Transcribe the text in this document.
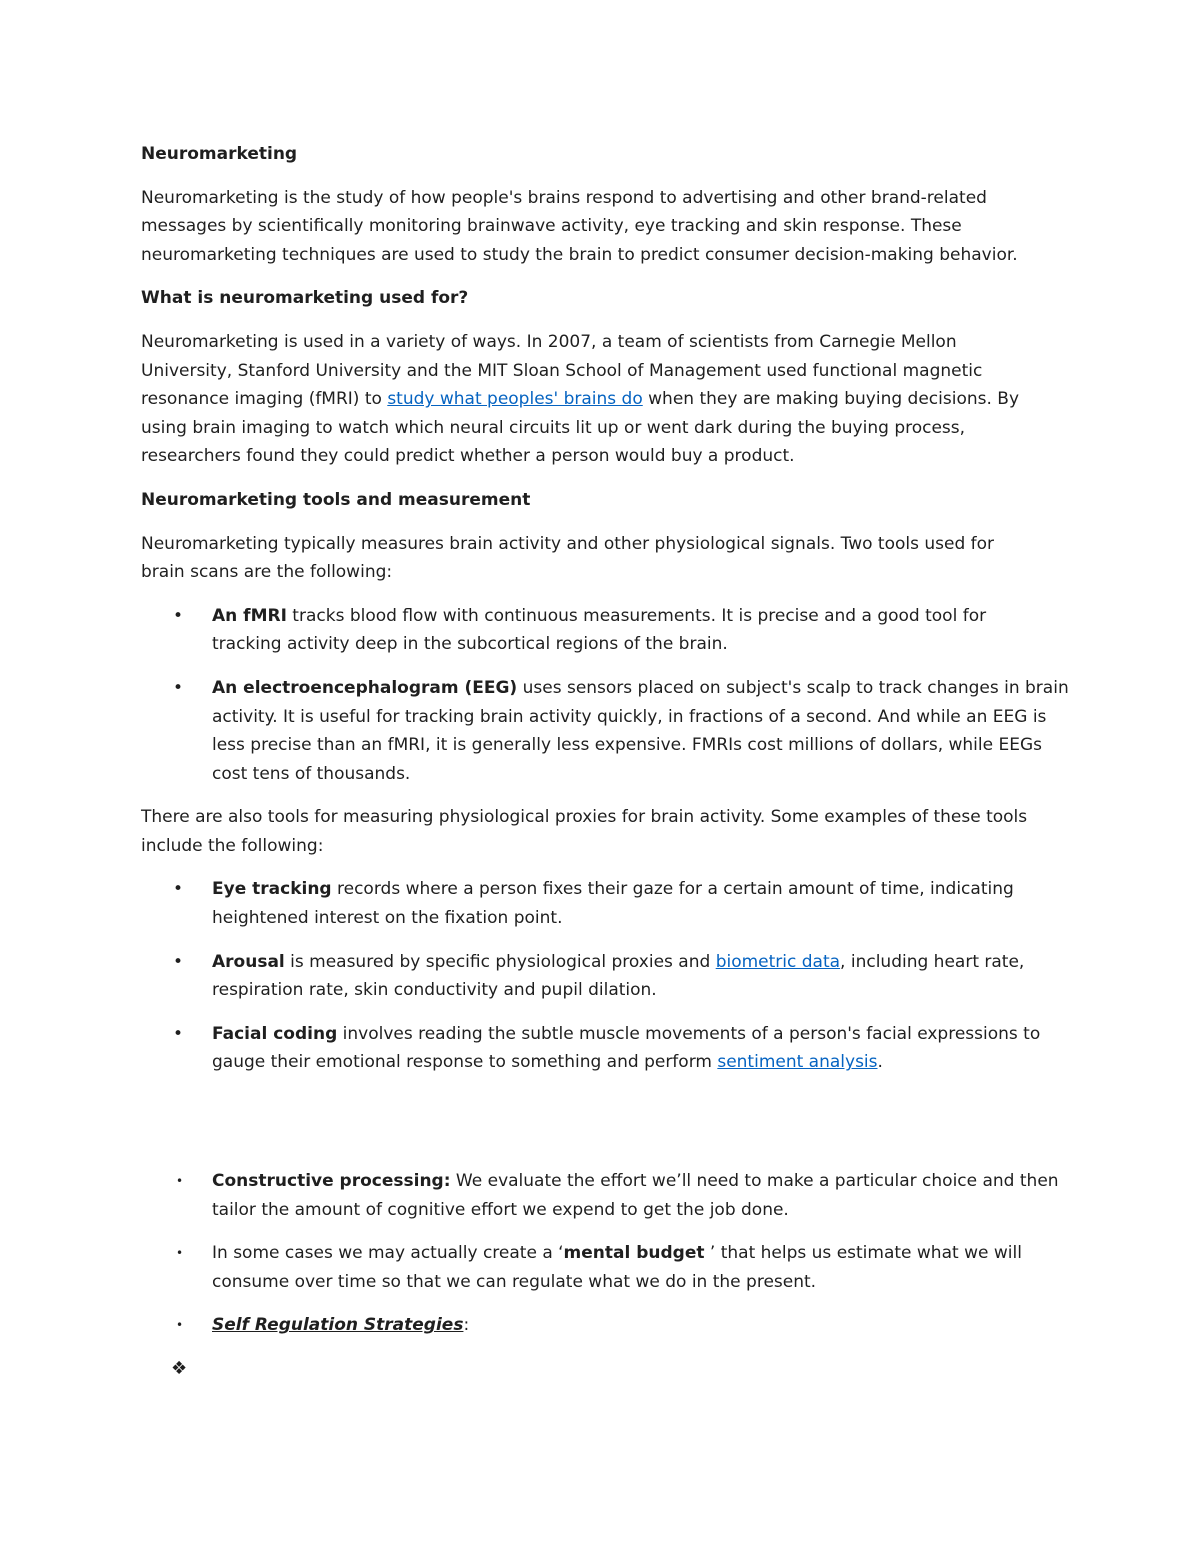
Neuromarketing

Neuromarketing is the study of how people's brains respond to advertising and other brand-related

messages by scientifically monitoring brainwave activity, eye tracking and skin response. These

neuromarketing techniques are used to study the brain to predict consumer decision-making behavior.

What is neuromarketing used for?

Neuromarketing is used in a variety of ways. In 2007, a team of scientists from Carnegie Mellon

University, Stanford University and the MIT Sloan School of Management used functional magnetic

resonance imaging (fMRI) to study what peoples' brains do when they are making buying decisions. By

using brain imaging to watch which neural circuits lit up or went dark during the buying process,

researchers found they could predict whether a person would buy a product.

Neuromarketing tools and measurement

Neuromarketing typically measures brain activity and other physiological signals. Two tools used for

brain scans are the following:

• An fMRI tracks blood flow with continuous measurements. It is precise and a good tool for

tracking activity deep in the subcortical regions of the brain.

• An electroencephalogram (EEG) uses sensors placed on subject's scalp to track changes in brain

activity. It is useful for tracking brain activity quickly, in fractions of a second. And while an EEG is

less precise than an fMRI, it is generally less expensive. FMRIs cost millions of dollars, while EEGs

cost tens of thousands.

There are also tools for measuring physiological proxies for brain activity. Some examples of these tools

include the following:

• Eye tracking records where a person fixes their gaze for a certain amount of time, indicating

heightened interest on the fixation point.

• Arousal is measured by specific physiological proxies and biometric data, including heart rate,

respiration rate, skin conductivity and pupil dilation.

• Facial coding involves reading the subtle muscle movements of a person's facial expressions to

gauge their emotional response to something and perform sentiment analysis.

• Constructive processing: We evaluate the effort we’ll need to make a particular choice and then

tailor the amount of cognitive effort we expend to get the job done.

• In some cases we may actually create a ‘mental budget ’ that helps us estimate what we will

consume over time so that we can regulate what we do in the present.

• Self Regulation Strategies:

❖
